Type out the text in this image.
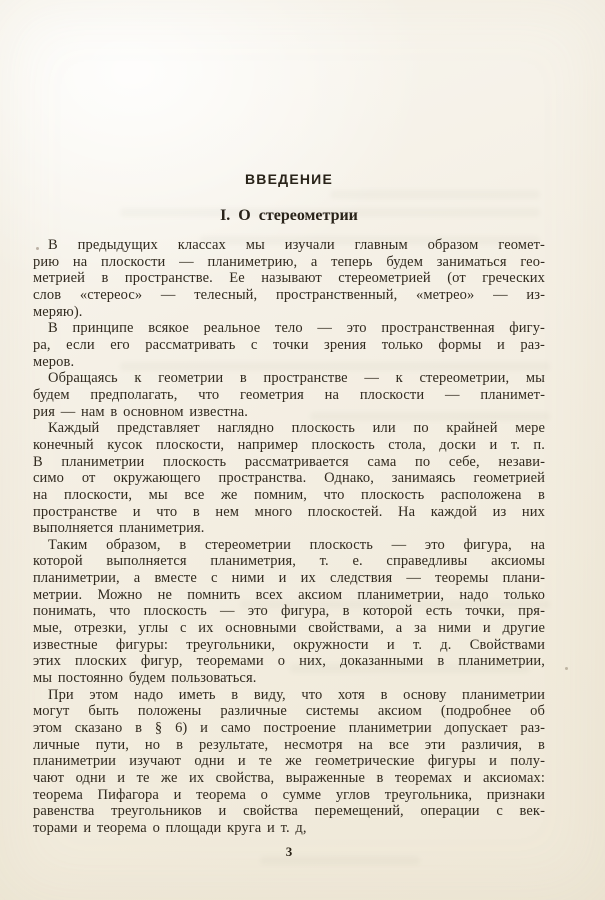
ВВЕДЕНИЕ
I. О стереометрии
В предыдущих классах мы изучали главным образом геомет-
рию на плоскости — планиметрию, а теперь будем заниматься гео-
метрией в пространстве. Ее называют стереометрией (от греческих
слов «стереос» — телесный, пространственный, «метрео» — из-
меряю).
В принципе всякое реальное тело — это пространственная фигу-
ра, если его рассматривать с точки зрения только формы и раз-
меров.
Обращаясь к геометрии в пространстве — к стереометрии, мы
будем предполагать, что геометрия на плоскости — планимет-
рия — нам в основном известна.
Каждый представляет наглядно плоскость или по крайней мере
конечный кусок плоскости, например плоскость стола, доски и т. п.
В планиметрии плоскость рассматривается сама по себе, незави-
симо от окружающего пространства. Однако, занимаясь геометрией
на плоскости, мы все же помним, что плоскость расположена в
пространстве и что в нем много плоскостей. На каждой из них
выполняется планиметрия.
Таким образом, в стереометрии плоскость — это фигура, на
которой выполняется планиметрия, т. е. справедливы аксиомы
планиметрии, а вместе с ними и их следствия — теоремы плани-
метрии. Можно не помнить всех аксиом планиметрии, надо только
понимать, что плоскость — это фигура, в которой есть точки, пря-
мые, отрезки, углы с их основными свойствами, а за ними и другие
известные фигуры: треугольники, окружности и т. д. Свойствами
этих плоских фигур, теоремами о них, доказанными в планиметрии,
мы постоянно будем пользоваться.
При этом надо иметь в виду, что хотя в основу планиметрии
могут быть положены различные системы аксиом (подробнее об
этом сказано в § 6) и само построение планиметрии допускает раз-
личные пути, но в результате, несмотря на все эти различия, в
планиметрии изучают одни и те же геометрические фигуры и полу-
чают одни и те же их свойства, выраженные в теоремах и аксиомах:
теорема Пифагора и теорема о сумме углов треугольника, признаки
равенства треугольников и свойства перемещений, операции с век-
торами и теорема о площади круга и т. д,
3
